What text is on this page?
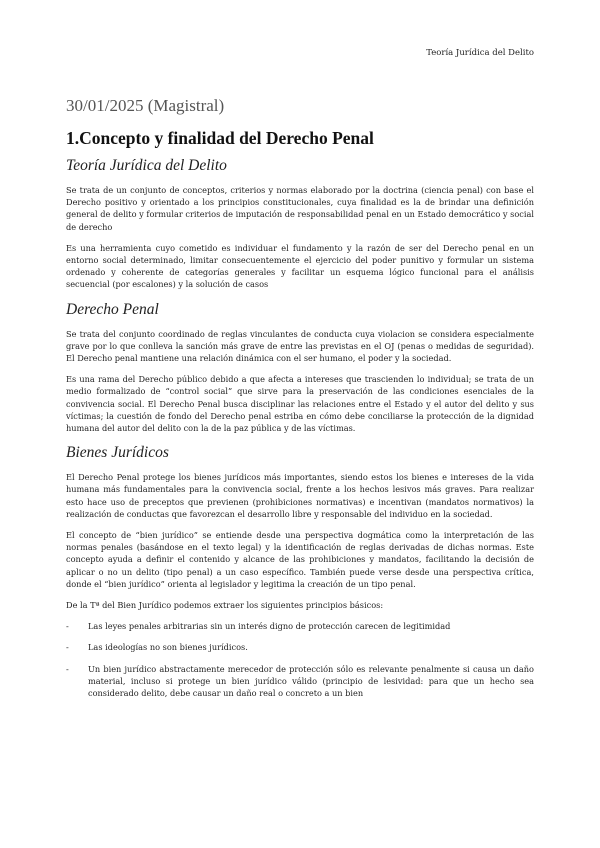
Teoría Jurídica del Delito
30/01/2025 (Magistral)
1.Concepto y finalidad del Derecho Penal
Teoría Jurídica del Delito

Se trata de un conjunto de conceptos, criterios y normas elaborado por la doctrina (ciencia penal) con base el Derecho positivo y orientado a los principios constitucionales, cuya finalidad es la de brindar una definición general de delito y formular criterios de imputación de responsabilidad penal en un Estado democrático y social de derecho

Es una herramienta cuyo cometido es individuar el fundamento y la razón de ser del Derecho penal en un entorno social determinado, limitar consecuentemente el ejercicio del poder punitivo y formular un sistema ordenado y coherente de categorías generales y facilitar un esquema lógico funcional para el análisis secuencial (por escalones) y la solución de casos

Derecho Penal

Se trata del conjunto coordinado de reglas vinculantes de conducta cuya violacion se considera especialmente grave por lo que conlleva la sanción más grave de entre las previstas en el OJ (penas o medidas de seguridad). El Derecho penal mantiene una relación dinámica con el ser humano, el poder y la sociedad.

Es una rama del Derecho público debido a que afecta a intereses que trascienden lo individual; se trata de un medio formalizado de “control social” que sirve para la preservación de las condiciones esenciales de la convivencia social. El Derecho Penal busca disciplinar las relaciones entre el Estado y el autor del delito y sus víctimas; la cuestión de fondo del Derecho penal estriba en cómo debe conciliarse la protección de la dignidad humana del autor del delito con la de la paz pública y de las víctimas.

Bienes Jurídicos

El Derecho Penal protege los bienes jurídicos más importantes, siendo estos los bienes e intereses de la vida humana más fundamentales para la convivencia social, frente a los hechos lesivos más graves. Para realizar esto hace uso de preceptos que previenen (prohibiciones normativas) e incentivan (mandatos normativos) la realización de conductas que favorezcan el desarrollo libre y responsable del individuo en la sociedad.

El concepto de “bien jurídico” se entiende desde una perspectiva dogmática como la interpretación de las normas penales (basándose en el texto legal) y la identificación de reglas derivadas de dichas normas. Este concepto ayuda a definir el contenido y alcance de las prohibiciones y mandatos, facilitando la decisión de aplicar o no un delito (tipo penal) a un caso específico. También puede verse desde una perspectiva crítica, donde el “bien jurídico” orienta al legislador y legitima la creación de un tipo penal.

De la Tª del Bien Jurídico podemos extraer los siguientes principios básicos:

- Las leyes penales arbitrarias sin un interés digno de protección carecen de legitimidad
- Las ideologías no son bienes jurídicos.
- Un bien jurídico abstractamente merecedor de protección sólo es relevante penalmente si causa un daño material, incluso si protege un bien jurídico válido (principio de lesividad: para que un hecho sea considerado delito, debe causar un daño real o concreto a un bien
